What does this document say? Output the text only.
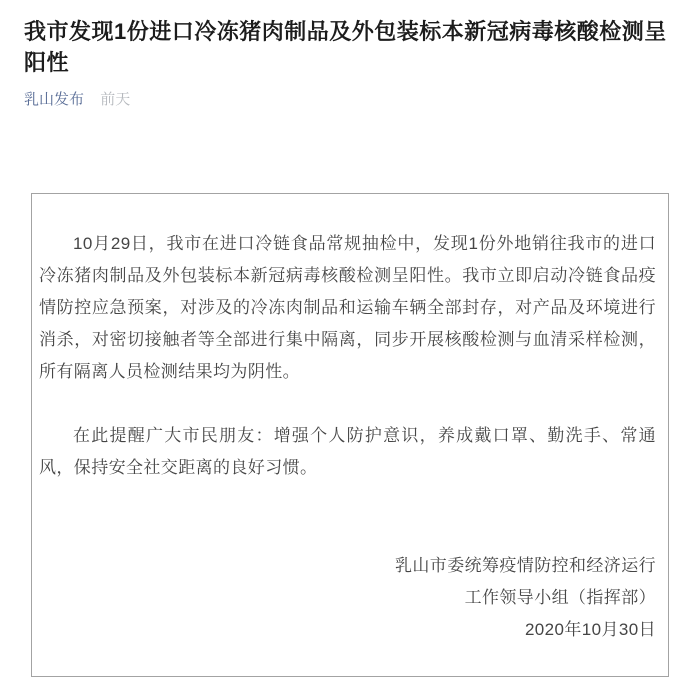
我市发现1份进口冷冻猪肉制品及外包装标本新冠病毒核酸检测呈阳性
乳山发布 前天

10月29日，我市在进口冷链食品常规抽检中，发现1份外地销往我市的进口冷冻猪肉制品及外包装标本新冠病毒核酸检测呈阳性。我市立即启动冷链食品疫情防控应急预案，对涉及的冷冻肉制品和运输车辆全部封存，对产品及环境进行消杀，对密切接触者等全部进行集中隔离，同步开展核酸检测与血清采样检测，所有隔离人员检测结果均为阴性。

在此提醒广大市民朋友：增强个人防护意识，养成戴口罩、勤洗手、常通风，保持安全社交距离的良好习惯。

乳山市委统筹疫情防控和经济运行
工作领导小组（指挥部）
2020年10月30日
